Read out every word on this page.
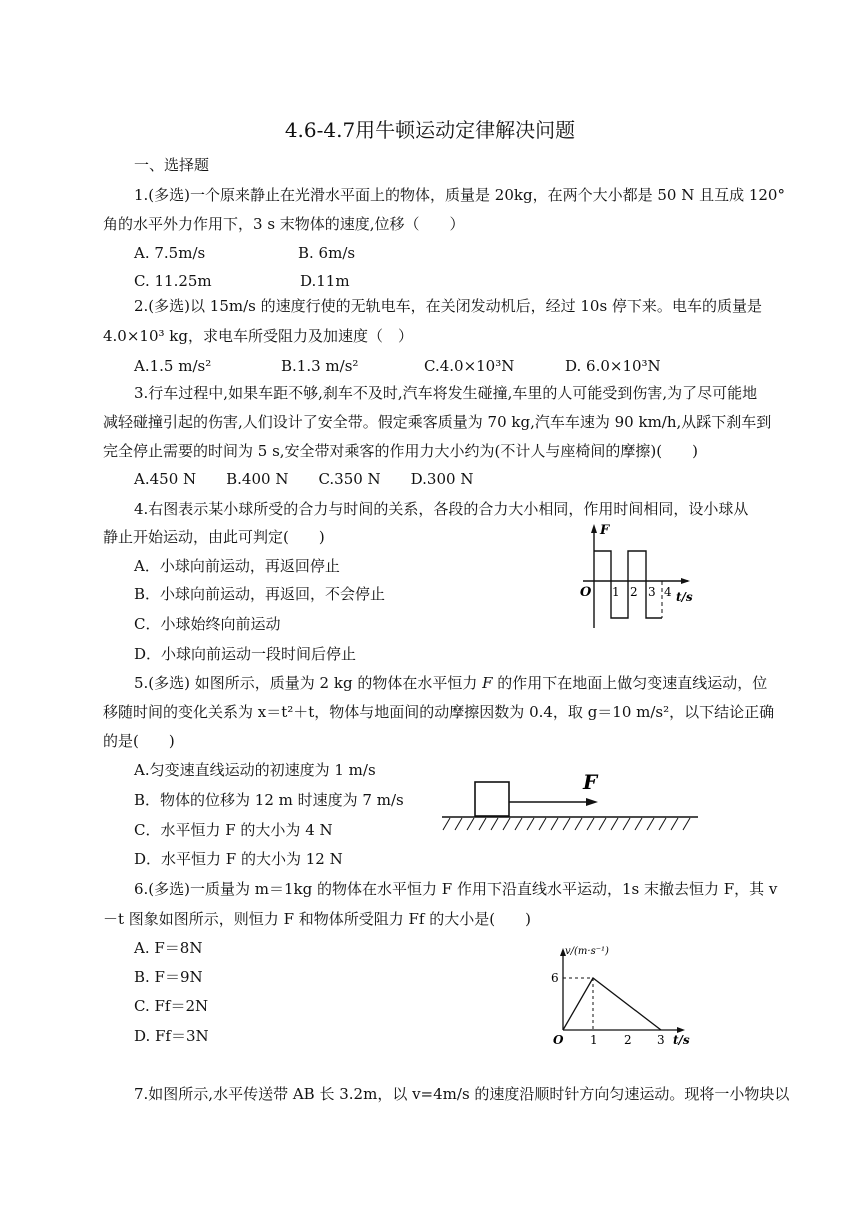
4.6-4.7用牛顿运动定律解决问题
一、选择题
1.(多选)一个原来静止在光滑水平面上的物体，质量是 20kg，在两个大小都是 50 N 且互成 120°
角的水平外力作用下，3 s 末物体的速度,位移（　　）
A. 7.5m/s	B. 6m/s
C. 11.25m	D.11m
2.(多选)以 15m/s 的速度行使的无轨电车，在关闭发动机后，经过 10s 停下来。电车的质量是
4.0×10³ kg，求电车所受阻力及加速度（　）
A.1.5 m/s²	B.1.3 m/s²	C.4.0×10³N	D. 6.0×10³N
3.行车过程中,如果车距不够,刹车不及时,汽车将发生碰撞,车里的人可能受到伤害,为了尽可能地
减轻碰撞引起的伤害,人们设计了安全带。假定乘客质量为 70 kg,汽车车速为 90 km/h,从踩下刹车到
完全停止需要的时间为 5 s,安全带对乘客的作用力大小约为(不计人与座椅间的摩擦)(　　)
A.450 N　　B.400 N　　C.350 N　　D.300 N
4.右图表示某小球所受的合力与时间的关系，各段的合力大小相同，作用时间相同，设小球从
静止开始运动，由此可判定(　　)
A．小球向前运动，再返回停止
B．小球向前运动，再返回，不会停止
C．小球始终向前运动
D．小球向前运动一段时间后停止
F
O 1 2 3 4 t/s
5.(多选) 如图所示，质量为 2 kg 的物体在水平恒力 F 的作用下在地面上做匀变速直线运动，位
移随时间的变化关系为 x＝t²＋t，物体与地面间的动摩擦因数为 0.4，取 g＝10 m/s²，以下结论正确
的是(　　)
A.匀变速直线运动的初速度为 1 m/s
B．物体的位移为 12 m 时速度为 7 m/s
C．水平恒力 F 的大小为 4 N
D．水平恒力 F 的大小为 12 N
F
6.(多选)一质量为 m＝1kg 的物体在水平恒力 F 作用下沿直线水平运动，1s 末撤去恒力 F，其 v
－t 图象如图所示，则恒力 F 和物体所受阻力 Ff 的大小是(　　)
A. F＝8N
B. F＝9N
C. Ff＝2N
D. Ff＝3N
v/(m·s⁻¹)
6
O 1 2 3 t/s
7.如图所示,水平传送带 AB 长 3.2m，以 v=4m/s 的速度沿顺时针方向匀速运动。现将一小物块以
